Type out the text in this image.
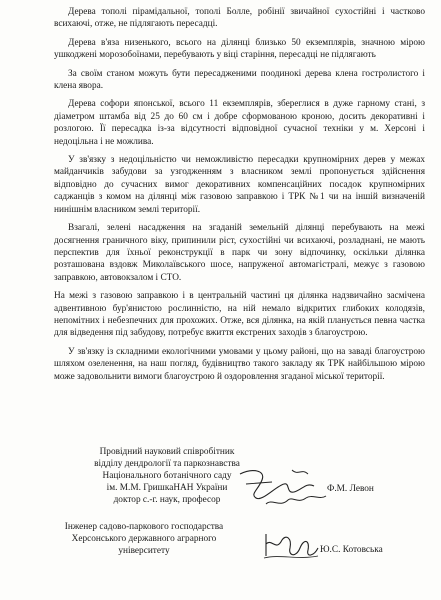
Дерева тополі пірамідальної, тополі Болле, робінії звичайної сухостійні і частково всихаючі, отже, не підлягають пересадці.

Дерева в'яза низенького, всього на ділянці близько 50 екземплярів, значною мірою ушкоджені морозобоїнами, перебувають у віці старіння, пересадці не підлягають

За своїм станом можуть бути пересадженими поодинокі дерева клена гостролистого і клена явора.

Дерева софори японської, всього 11 екземплярів, збереглися в дуже гарному стані, з діаметром штамба від 25 до 60 см і добре сформованою кроною, досить декоративні і розлогою. Її пересадка із-за відсутності відповідної сучасної техніки у м. Херсоні і недоцільна і не можлива.

У зв'язку з недоцільністю чи неможливістю пересадки крупномірних дерев у межах майданчиків забудови за узгодженням з власником землі пропонується здійснення відповідно до сучасних вимог декоративних компенсаційних посадок крупномірних саджанців з комом на ділянці між газовою заправкою і ТРК №1 чи на іншій визначеній нинішнім власником землі території.

Взагалі, зелені насадження на згаданій земельній ділянці перебувають на межі досягнення граничного віку, припинили ріст, сухостійні чи всихаючі, розладнані, не мають перспектив для їхньої реконструкції в парк чи зону відпочинку, оскільки ділянка розташована вздовж Миколаївського шосе, напруженої автомагістралі, межує з газовою заправкою, автовокзалом і СТО.

На межі з газовою заправкою і в центральній частині ця ділянка надзвичайно засмічена адвентивною бур'янистою рослинністю, на ній немало відкритих глибоких колодязів, непомітних і небезпечних для прохожих. Отже, вся ділянка, на якій планується певна частка для відведення під забудову, потребує вжиття екстрених заходів з благоустрою.

У зв'язку із складними екологічними умовами у цьому районі, що на заваді благоустрою шляхом озеленення, на наш погляд, будівництво такого закладу як ТРК найбільшою мірою може задовольнити вимоги благоустрою й оздоровлення згаданої міської території.

Провідний науковий співробітник
відділу дендрології та паркознавства
Національного ботанічного саду
ім. М.М. ГришкаНАН України
доктор с.-г. наук, професор
Ф.М. Левон
Інженер садово-паркового господарства
Херсонського державного аграрного
університету	Ю.С. Котовська
